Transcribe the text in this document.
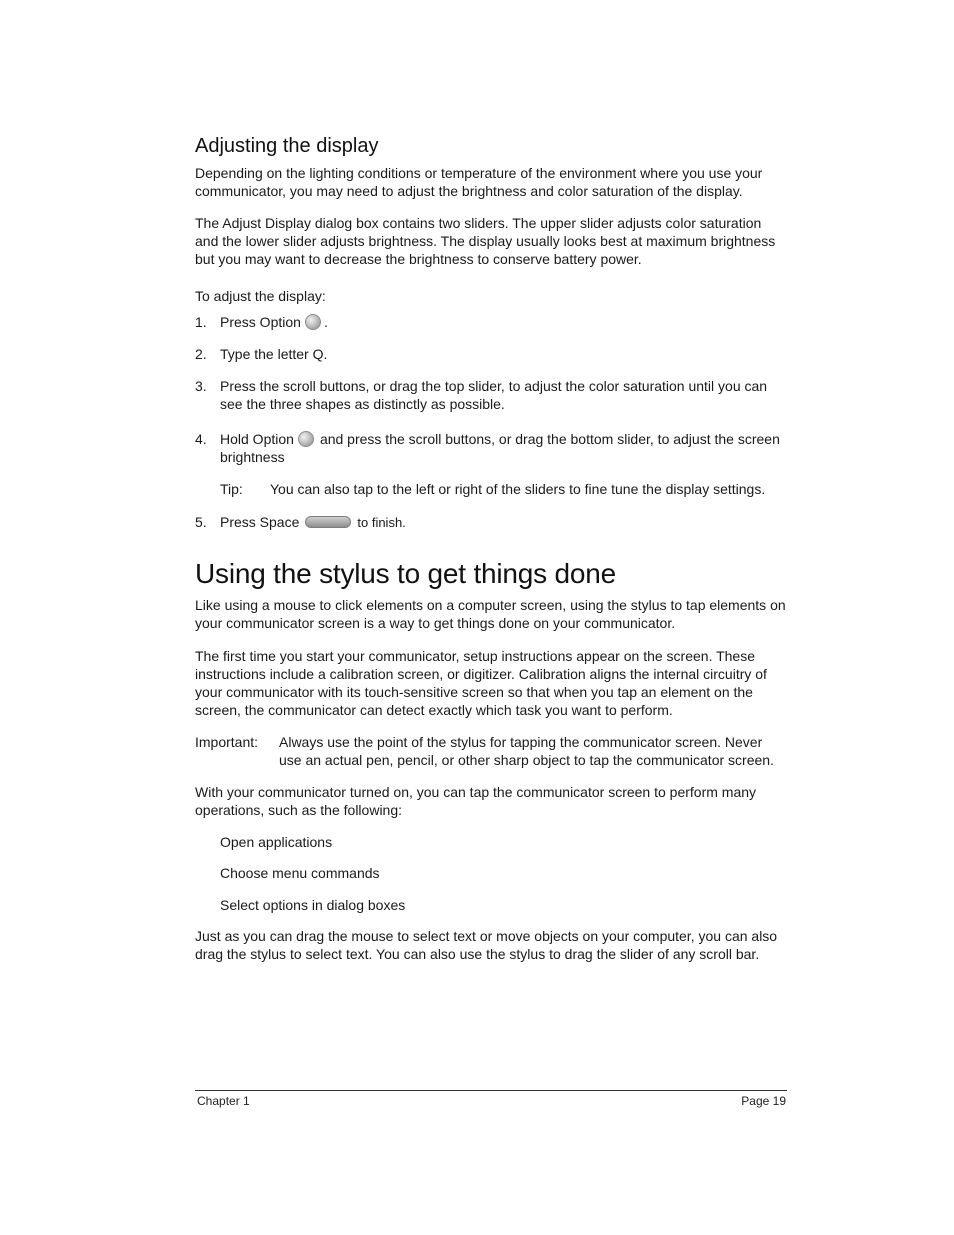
Adjusting the display

Depending on the lighting conditions or temperature of the environment where you use your communicator, you may need to adjust the brightness and color saturation of the display.

The Adjust Display dialog box contains two sliders. The upper slider adjusts color saturation and the lower slider adjusts brightness. The display usually looks best at maximum brightness but you may want to decrease the brightness to conserve battery power.

To adjust the display:

1. Press Option .
2. Type the letter Q.
3. Press the scroll buttons, or drag the top slider, to adjust the color saturation until you can see the three shapes as distinctly as possible.
4. Hold Option and press the scroll buttons, or drag the bottom slider, to adjust the screen brightness
Tip: You can also tap to the left or right of the sliders to fine tune the display settings.
5. Press Space	to finish.
Using the stylus to get things done

Like using a mouse to click elements on a computer screen, using the stylus to tap elements on your communicator screen is a way to get things done on your communicator.

The first time you start your communicator, setup instructions appear on the screen. These instructions include a calibration screen, or digitizer. Calibration aligns the internal circuitry of your communicator with its touch-sensitive screen so that when you tap an element on the screen, the communicator can detect exactly which task you want to perform.

Important: Always use the point of the stylus for tapping the communicator screen. Never use an actual pen, pencil, or other sharp object to tap the communicator screen.

With your communicator turned on, you can tap the communicator screen to perform many operations, such as the following:

Open applications
Choose menu commands
Select options in dialog boxes

Just as you can drag the mouse to select text or move objects on your computer, you can also drag the stylus to select text. You can also use the stylus to drag the slider of any scroll bar.

Chapter 1	Page 19
